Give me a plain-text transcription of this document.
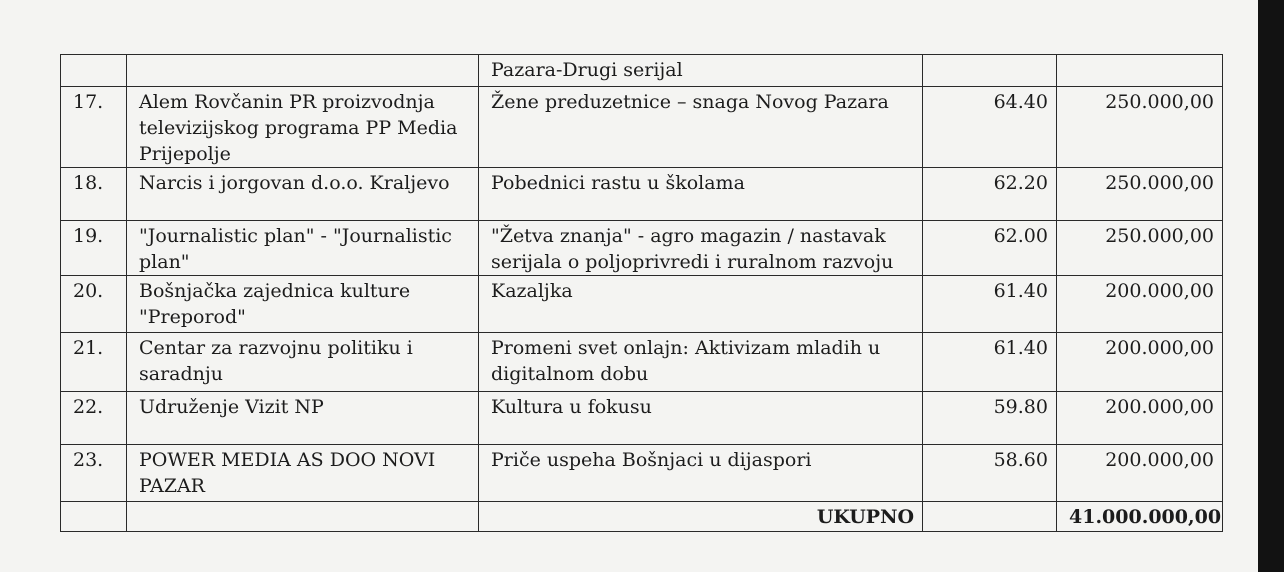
		Pazara-Drugi serijal		
17.	Alem Rovčanin PR proizvodnja televizijskog programa PP Media Prijepolje	Žene preduzetnice – snaga Novog Pazara	64.40	250.000,00
18.	Narcis i jorgovan d.o.o. Kraljevo	Pobednici rastu u školama	62.20	250.000,00
19.	"Journalistic plan" - "Journalistic plan"	"Žetva znanja" - agro magazin / nastavak serijala o poljoprivredi i ruralnom razvoju	62.00	250.000,00
20.	Bošnjačka zajednica kulture "Preporod"	Kazaljka	61.40	200.000,00
21.	Centar za razvojnu politiku i saradnju	Promeni svet onlajn: Aktivizam mladih u digitalnom dobu	61.40	200.000,00
22.	Udruženje Vizit NP	Kultura u fokusu	59.80	200.000,00
23.	POWER MEDIA AS DOO NOVI PAZAR	Priče uspeha Bošnjaci u dijaspori	58.60	200.000,00
		UKUPNO		41.000.000,00
